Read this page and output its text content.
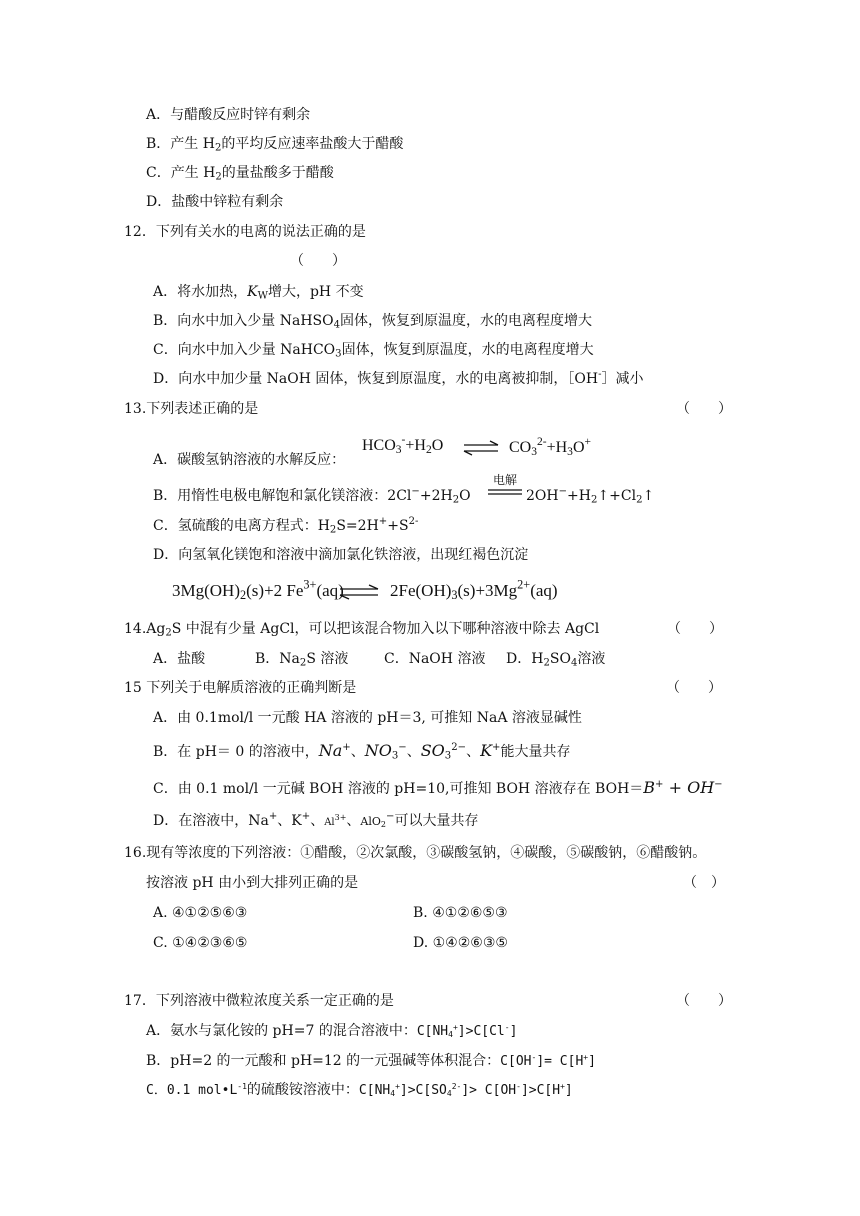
A．与醋酸反应时锌有剩余
B．产生 $H_2$的平均反应速率盐酸大于醋酸
C．产生 $H_2$的量盐酸多于醋酸
D．盐酸中锌粒有剩余
12．下列有关水的电离的说法正确的是
（　　）
A．将水加热，$K_W$增大，pH 不变
B．向水中加入少量 NaHSO$_4$固体，恢复到原温度，水的电离程度增大
C．向水中加入少量 NaHCO$_3$固体，恢复到原温度，水的电离程度增大
D．向水中加少量 NaOH 固体，恢复到原温度，水的电离被抑制，［OH-］减小
13.下列表述正确的是	（　　）
A．碳酸氢钠溶液的水解反应：
$HCO_3^-+H_2O$ ⇌ $CO_3^{2-}+H_3O^+$
B．用惰性电极电解饱和氯化镁溶液：$2Cl^-+2H_2O$
电解
$2OH^-+H_2↑+Cl_2↑$
C．氢硫酸的电离方程式：$H_2S=2H^++S^{2-}$
D．向氢氧化镁饱和溶液中滴加氯化铁溶液，出现红褐色沉淀
$3Mg(OH)_2(s)+2$ $Fe^{3+}(aq)$ ⇌ $2Fe(OH)_3(s)+3Mg^{2+}(aq)$
$14.Ag_2S$ 中混有少量 AgCl，可以把该混合物加入以下哪种溶液中除去 AgCl	（　　）
A．盐酸	B．$Na_2S$ 溶液	C．NaOH 溶液 D．$H_2SO_4$溶液
15 下列关于电解质溶液的正确判断是	（　　）
A．由 0.1mol/l 一元酸 HA 溶液的 pH＝3, 可推知 NaA 溶液显碱性
B．在 pH＝ 0 的溶液中，Na+、$NO_3^-$、$SO_3^{2-}$、K+能大量共存
C．由 0.1 mol/l 一元碱 BOH 溶液的 pH=10,可推知 BOH 溶液存在 BOH＝B+ + OH−
D．在溶液中，Na+、K+、$Al^{3+}$、AlO$_2$−可以大量共存
16.现有等浓度的下列溶液：①醋酸，②次氯酸，③碳酸氢钠，④碳酸，⑤碳酸钠，⑥醋酸钠。
按溶液 pH 由小到大排列正确的是	（　）
A. ④①②⑤⑥③	B. ④①②⑥⑤③
C. ①④②③⑥⑤	D. ①④②⑥③⑤
17．下列溶液中微粒浓度关系一定正确的是	（　　）
A．氨水与氯化铵的 pH=7 的混合溶液中：$C[NH_4^+]>C[Cl^-]$
B．pH=2 的一元酸和 pH=12 的一元强碱等体积混合：C[OH-]= C[H+]
C．0.1 $mol•L^{-1}$的硫酸铵溶液中：$C[NH_4^+]>C[SO_4^{2-}]> C[OH^-]>C[H^+]$
